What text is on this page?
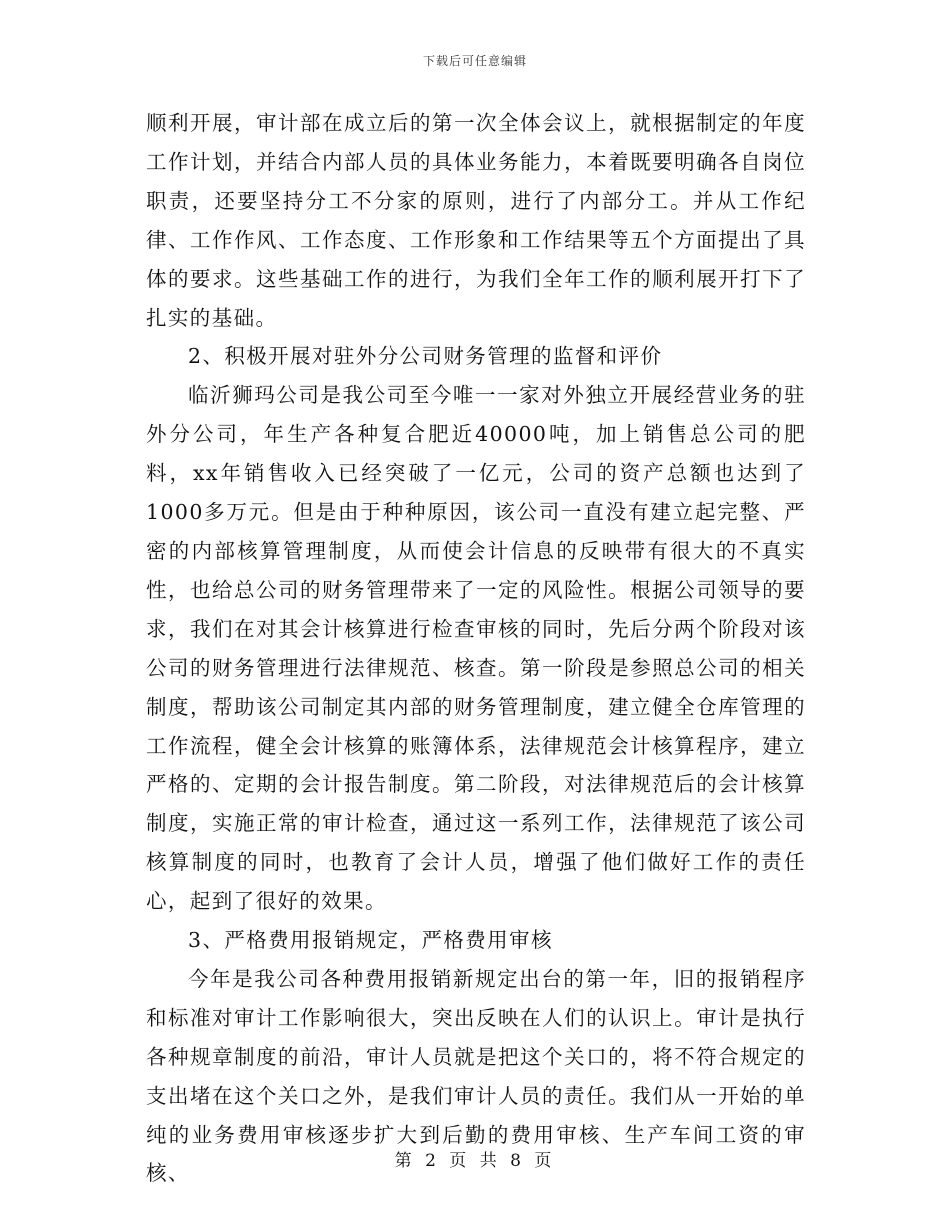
下载后可任意编辑

顺利开展，审计部在成立后的第一次全体会议上，就根据制定的年度工作计划，并结合内部人员的具体业务能力，本着既要明确各自岗位职责，还要坚持分工不分家的原则，进行了内部分工。并从工作纪律、工作作风、工作态度、工作形象和工作结果等五个方面提出了具体的要求。这些基础工作的进行，为我们全年工作的顺利展开打下了扎实的基础。

2、积极开展对驻外分公司财务管理的监督和评价

临沂狮玛公司是我公司至今唯一一家对外独立开展经营业务的驻外分公司，年生产各种复合肥近40000吨，加上销售总公司的肥料，xx年销售收入已经突破了一亿元，公司的资产总额也达到了1000多万元。但是由于种种原因，该公司一直没有建立起完整、严密的内部核算管理制度，从而使会计信息的反映带有很大的不真实性，也给总公司的财务管理带来了一定的风险性。根据公司领导的要求，我们在对其会计核算进行检查审核的同时，先后分两个阶段对该公司的财务管理进行法律规范、核查。第一阶段是参照总公司的相关制度，帮助该公司制定其内部的财务管理制度，建立健全仓库管理的工作流程，健全会计核算的账簿体系，法律规范会计核算程序，建立严格的、定期的会计报告制度。第二阶段，对法律规范后的会计核算制度，实施正常的审计检查，通过这一系列工作，法律规范了该公司核算制度的同时，也教育了会计人员，增强了他们做好工作的责任心，起到了很好的效果。

3、严格费用报销规定，严格费用审核

今年是我公司各种费用报销新规定出台的第一年，旧的报销程序和标准对审计工作影响很大，突出反映在人们的认识上。审计是执行各种规章制度的前沿，审计人员就是把这个关口的，将不符合规定的支出堵在这个关口之外，是我们审计人员的责任。我们从一开始的单纯的业务费用审核逐步扩大到后勤的费用审核、生产车间工资的审核、

第 2 页 共 8 页
